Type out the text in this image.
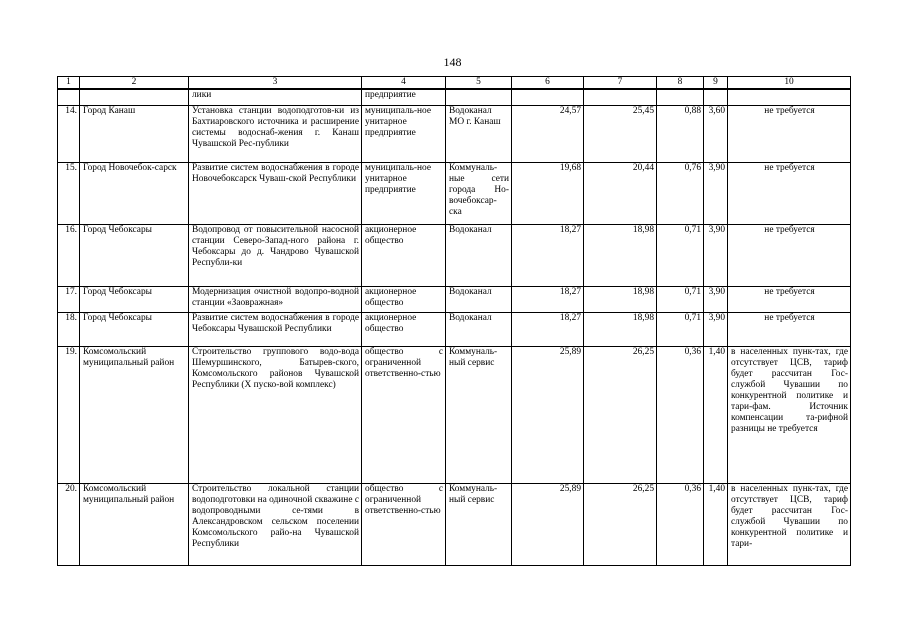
148
1	2	3	4	5	6	7	8	9	10
		лики	предприятие						
14.	Город Канаш	Установка станции водоподготов-ки из Бахтиаровского источника и расширение системы водоснаб-жения г. Канаш Чувашской Рес-публики	муниципаль-ное унитарное предприятие	Водоканал МО г. Канаш	24,57	25,45	0,88	3,60	не требуется
15.	Город Новочебок-сарск	Развитие систем водоснабжения в городе Новочебоксарск Чуваш-ской Республики	муниципаль-ное унитарное предприятие	Коммуналь-ные сети города Но-вочебоксар-ска	19,68	20,44	0,76	3,90	не требуется
16.	Город Чебоксары	Водопровод от повысительной насосной станции Северо-Запад-ного района г. Чебоксары до д. Чандрово Чувашской Республи-ки	акционерное общество	Водоканал	18,27	18,98	0,71	3,90	не требуется
17.	Город Чебоксары	Модернизация очистной водопро-водной станции «Заовражная»	акционерное общество	Водоканал	18,27	18,98	0,71	3,90	не требуется
18.	Город Чебоксары	Развитие систем водоснабжения в городе Чебоксары Чувашской Республики	акционерное общество	Водоканал	18,27	18,98	0,71	3,90	не требуется
19.	Комсомольский муниципальный район	Строительство группового водо-вода Шемуршинского, Батырев-ского, Комсомольского районов Чувашской Республики (Х пуско-вой комплекс)	общество с ограниченной ответственно-стью	Коммуналь-ный сервис	25,89	26,25	0,36	1,40	в населенных пунк-тах, где отсутствует ЦСВ, тариф будет рассчитан Гос-службой Чувашии по конкурентной политике и тари-фам. Источник компенсации та-рифной разницы не требуется
20.	Комсомольский муниципальный район	Строительство локальной станции водоподготовки на одиночной скважине с водопроводными се-тями в Александровском сельском поселении Комсомольского райо-на Чувашской Республики	общество с ограниченной ответственно-стью	Коммуналь-ный сервис	25,89	26,25	0,36	1,40	в населенных пунк-тах, где отсутствует ЦСВ, тариф будет рассчитан Гос-службой Чувашии по конкурентной политике и тари-
